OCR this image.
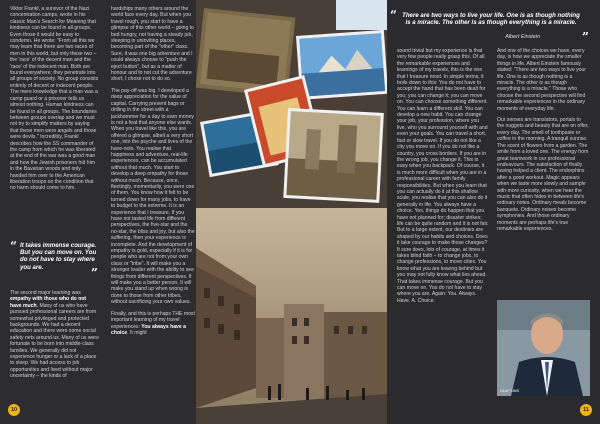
Viktor Frankl, a survivor of the Nazi concentration camps, wrote in his classic Man's Search for Meaning that kindness can be found in all groups. Even those it would be easy to condemn. He wrote: "From all this we may learn that there are two races of men in this world, but only these two – the 'race' of the decent man and the 'race' of the indecent man. Both are found everywhere; they penetrate into all groups of society. No group consists entirely of decent or indecent people. The mere knowledge that a man was a camp guard or a prisoner tells us almost nothing. Human kindness can be found in all groups. The boundaries between groups overlap and we must not try to simplify matters by saying that these men were angels and those were devils." Incredibly, Frankl describes how the SS commander of the camp from which he was liberated at the end of the war was a good man and how the Jewish prisoners hid him in the Bavarian woods and only handed him over to the American liberation troops on the condition that no harm should come to him.

“ It takes immense courage. But you can move on. You do not have to stay where you are.	”

The second major learning was empathy with those who do not have much. Many of us who have pursued professional careers are from somewhat privileged and protected backgrounds. We had a decent education and there were some social safety nets around us. Many of us were fortunate to be born into middle-class families. We generally did not experience hunger or a lack of a place to sleep. We had access to job opportunities and lived without major uncertainty – the kinds of

hardships many others around the world face every day. But when you travel rough, you start to have a glimpse of this other world – going to bed hungry, not having a steady job, sleeping in uninviting places, becoming part of the "other" class. Sure, it was one big adventure and I could always choose to "push the eject button", but as a matter of honour and to not cut the adventure short, I chose not to do so.

The pay-off was big. I developed a deep appreciation for the value of capital. Carrying present bags or drilling in the street with a jackhammer for a day to earn money is not a feat that anyone else wants. When you travel like this, you are offered a glimpse, albeit a very short one, into the psyche and lives of the have-nots. You realise that happiness and adventure, real-life experiences, can be accumulated without that much. You start to develop a deep empathy for those without much. Because, once, fleetingly, momentarily, you were one of them. You know how it felt to be turned down for many jobs, to have to budget to the extreme. It is an experience that I treasure. If you have not tasted life from different perspectives, the five-star and the no-star, the bliss and joy, but also the suffering, then your experience is incomplete. And the development of empathy is gold, especially if it is for people who are not from your own class or "tribe". It will make you a stronger leader with the ability to see things from different perspectives. It will make you a better person. It will make you stand up when wrong is done to those from other tribes, without sacrificing your own values.

Finally, and this is perhaps THE most important learning of my travel experiences: You always have a choice. It might

10
“ There are two ways to live your life. One is as though nothing is a miracle. The other is as though everything is a miracle.
Albert Einstein	”

sound trivial but my experience is that very few people really grasp this. Of all the remarkable experiences and learnings of my travels, this is the one that I treasure most. In simple terms, it boils down to this: You do not have to accept the hand that has been dealt for you; you can change it; you can move on. You can choose something different. You can learn a different skill. You can develop a new habit. You can change your job, your profession, where you live, who you surround yourself with and even your goals. You can travel a short, fast or slow travel. If you do not like a city you move on. If you do not like a country, you cross borders. If you are in the wrong job, you change it. This is easy when you backpack. Of course, it is much more difficult when you are in a professional career with family responsibilities. But when you learn that you can actually do it at this shallow scale, you realise that you can also do it generally in life. You always have a choice. Yes, things do happen that you have not planned for; disaster strikes; life can be quite random and it is not fair. But to a large extent, our destinies are shaped by our habits and choices. Does it take courage to make those changes? It sure does, lots of courage, at times it takes blind faith – to change jobs, to change professions, to move cities. You know what you are leaving behind but you may not fully know what lies ahead. That takes immense courage. But you can move on. You do not have to stay where you are. Again: You. Always. Have. A. Choice.

And one of the choices we have, every day, is how we appreciate the smaller things in life. Albert Einstein famously stated: "There are two ways to live your life. One is as though nothing is a miracle. The other is as though everything is a miracle." Those who choose the second perspective will find remarkable experiences in the ordinary moments of everyday life.

Our senses are translators, portals to the nuggets and beauty that are on offer, every day. The smell of toothpaste or coffee in the morning. A tranquil sunrise. The scent of flowers from a garden. The smile from a loved one. The energy from great teamwork in our professional endeavours. The satisfaction of finally having helped a client. The endorphins after a good workout. Magic appears when we taste more slowly and sample with more curiosity, when we hear the music that often hides in between life's ordinary notes. Ordinary meals become banquets. Ordinary noises become symphonies. And those ordinary moments are perhaps life's true remarkable experiences.

OLAF SIMS
11
